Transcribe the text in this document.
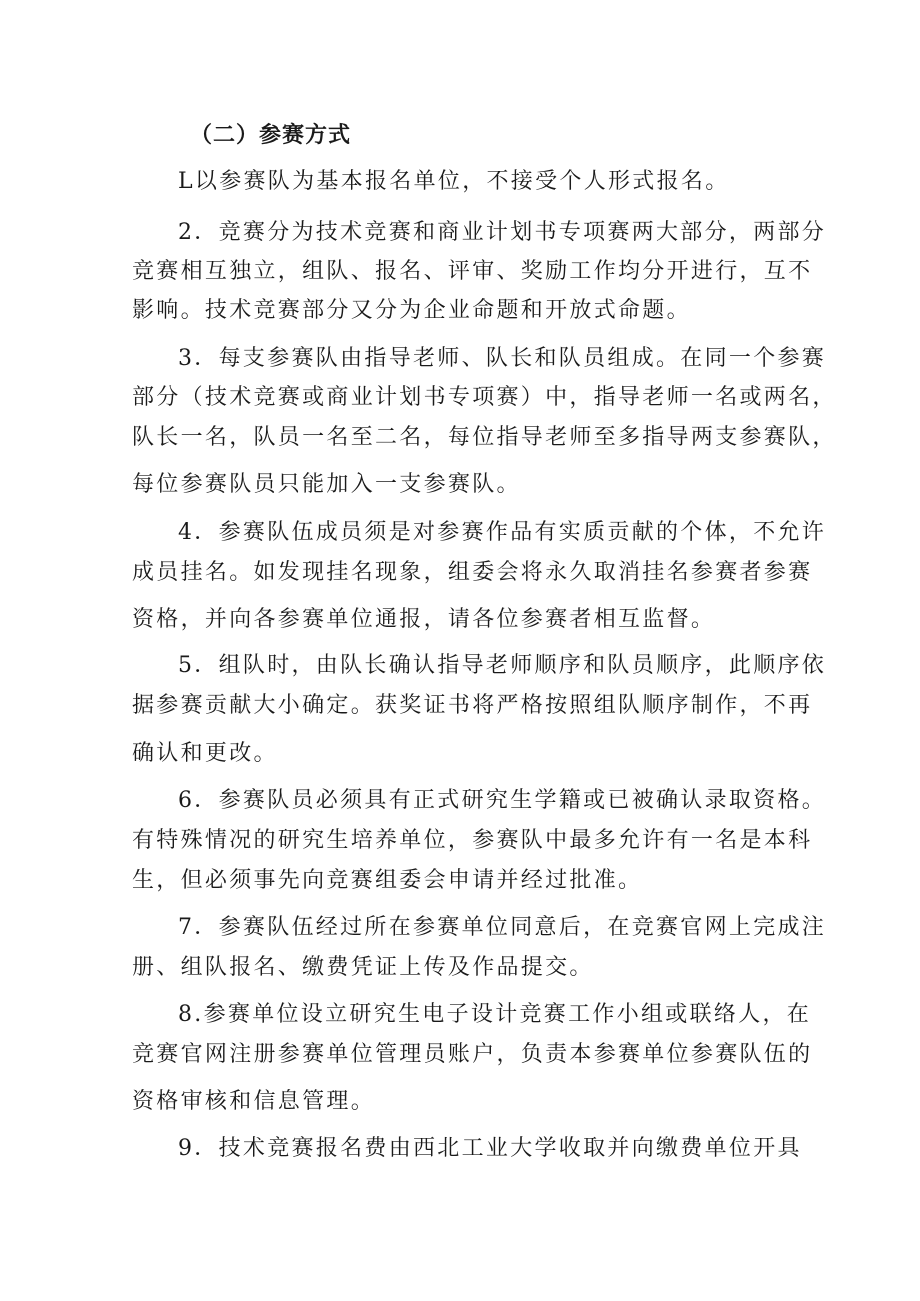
（二）参赛方式
L以参赛队为基本报名单位，不接受个人形式报名。
2．竞赛分为技术竞赛和商业计划书专项赛两大部分，两部分
竞赛相互独立，组队、报名、评审、奖励工作均分开进行，互不
影响。技术竞赛部分又分为企业命题和开放式命题。
3．每支参赛队由指导老师、队长和队员组成。在同一个参赛
部分（技术竞赛或商业计划书专项赛）中，指导老师一名或两名，
队长一名，队员一名至二名，每位指导老师至多指导两支参赛队，
每位参赛队员只能加入一支参赛队。
4．参赛队伍成员须是对参赛作品有实质贡献的个体，不允许
成员挂名。如发现挂名现象，组委会将永久取消挂名参赛者参赛
资格，并向各参赛单位通报，请各位参赛者相互监督。
5．组队时，由队长确认指导老师顺序和队员顺序，此顺序依
据参赛贡献大小确定。获奖证书将严格按照组队顺序制作，不再
确认和更改。
6．参赛队员必须具有正式研究生学籍或已被确认录取资格。
有特殊情况的研究生培养单位，参赛队中最多允许有一名是本科
生，但必须事先向竞赛组委会申请并经过批准。
7．参赛队伍经过所在参赛单位同意后，在竞赛官网上完成注
册、组队报名、缴费凭证上传及作品提交。
8.参赛单位设立研究生电子设计竞赛工作小组或联络人，在
竞赛官网注册参赛单位管理员账户，负责本参赛单位参赛队伍的
资格审核和信息管理。
9．技术竞赛报名费由西北工业大学收取并向缴费单位开具
